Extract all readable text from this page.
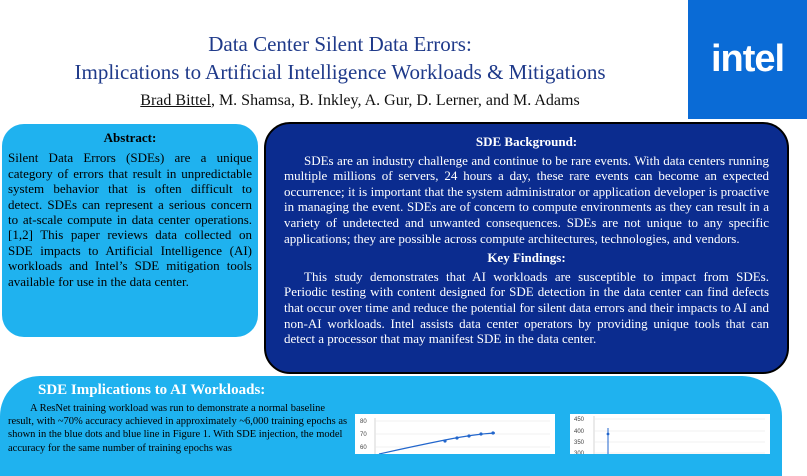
Data Center Silent Data Errors:
Implications to Artificial Intelligence Workloads & Mitigations
Brad Bittel, M. Shamsa, B. Inkley, A. Gur, D. Lerner, and M. Adams
intel
Abstract:

Silent Data Errors (SDEs) are a unique category of errors that result in unpredictable system behavior that is often difficult to detect. SDEs can represent a serious concern to at-scale compute in data center operations. [1,2] This paper reviews data collected on SDE impacts to Artificial Intelligence (AI) workloads and Intel’s SDE mitigation tools available for use in the data center.

SDE Background:

SDEs are an industry challenge and continue to be rare events. With data centers running multiple millions of servers, 24 hours a day, these rare events can become an expected occurrence; it is important that the system administrator or application developer is proactive in managing the event. SDEs are of concern to compute environments as they can result in a variety of undetected and unwanted consequences. SDEs are not unique to any specific applications; they are possible across compute architectures, technologies, and vendors.

Key Findings:

This study demonstrates that AI workloads are susceptible to impact from SDEs. Periodic testing with content designed for SDE detection in the data center can find defects that occur over time and reduce the potential for silent data errors and their impacts to AI and non-AI workloads. Intel assists data center operators by providing unique tools that can detect a processor that may manifest SDE in the data center.

SDE Implications to AI Workloads:

A ResNet training workload was run to demonstrate a normal baseline result, with ~70% accuracy achieved in approximately ~6,000 training epochs as shown in the blue dots and blue line in Figure 1. With SDE injection, the model accuracy for the same number of training epochs was

80
70
60
450
400
350
300
